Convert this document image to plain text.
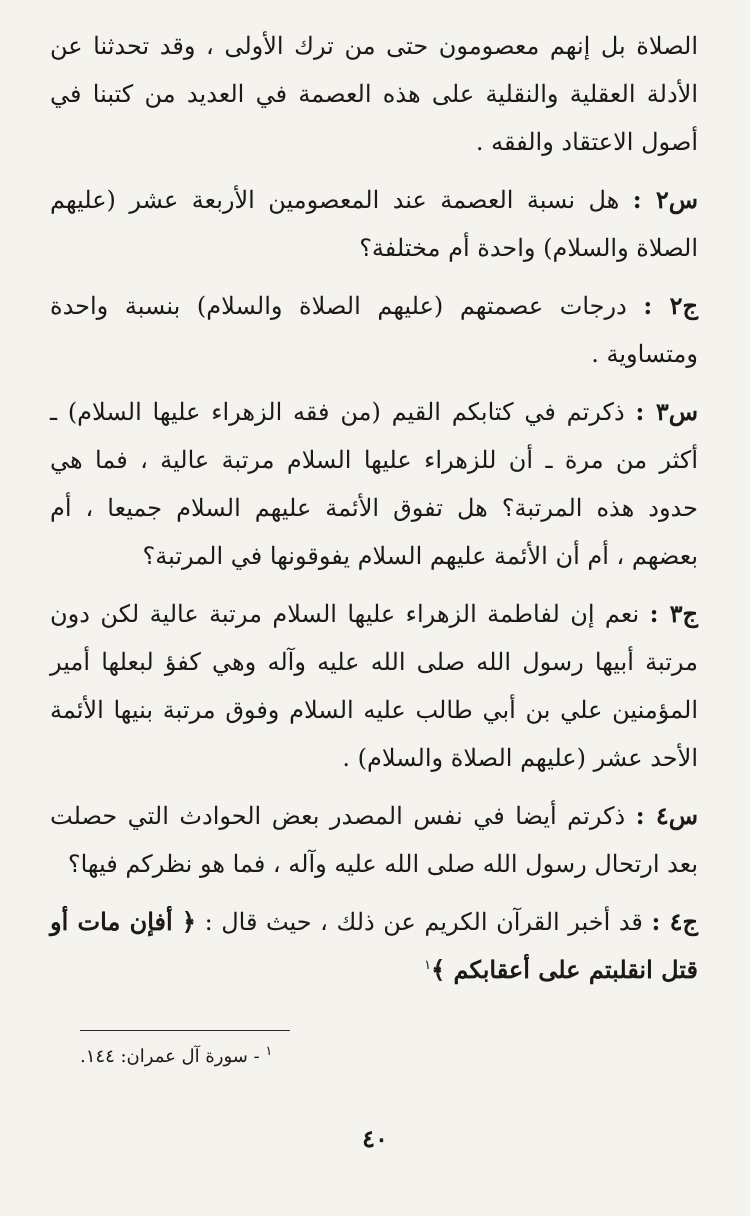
الصلاة بل إنهم معصومون حتى من ترك الأولى ، وقد تحدثنا عن الأدلة العقلية والنقلية على هذه العصمة في العديد من كتبنا في أصول الاعتقاد والفقه .

س٢ : هل نسبة العصمة عند المعصومين الأربعة عشر (عليهم الصلاة والسلام) واحدة أم مختلفة؟

ج٢ : درجات عصمتهم (عليهم الصلاة والسلام) بنسبة واحدة ومتساوية .

س٣ : ذكرتم في كتابكم القيم (من فقه الزهراء عليها السلام) ـ أكثر من مرة ـ أن للزهراء عليها السلام مرتبة عالية ، فما هي حدود هذه المرتبة؟ هل تفوق الأئمة عليهم السلام جميعا ، أم بعضهم ، أم أن الأئمة عليهم السلام يفوقونها في المرتبة؟

ج٣ : نعم إن لفاطمة الزهراء عليها السلام مرتبة عالية لكن دون مرتبة أبيها رسول الله صلى الله عليه وآله وهي كفؤ لبعلها أمير المؤمنين علي بن أبي طالب عليه السلام وفوق مرتبة بنيها الأئمة الأحد عشر (عليهم الصلاة والسلام) .

س٤ : ذكرتم أيضا في نفس المصدر بعض الحوادث التي حصلت بعد ارتحال رسول الله صلى الله عليه وآله ، فما هو نظركم فيها؟

ج٤ : قد أخبر القرآن الكريم عن ذلك ، حيث قال : ﴿ أفإن مات أو قتل انقلبتم على أعقابكم ﴾$^١$

$^١$ - سورة آل عمران: ١٤٤.
٤٠
